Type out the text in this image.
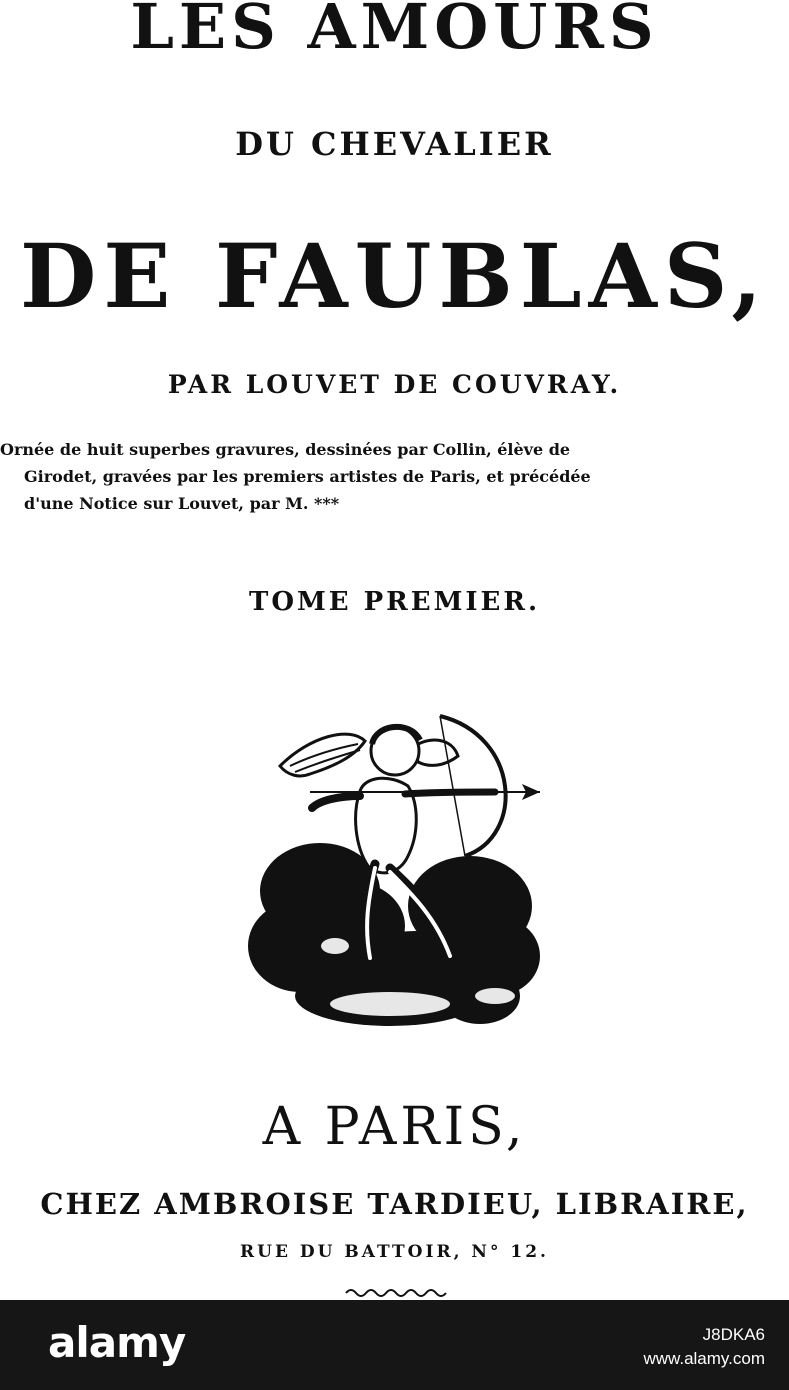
LES AMOURS
DU CHEVALIER
DE FAUBLAS,
PAR LOUVET DE COUVRAY.
Ornée de huit superbes gravures, dessinées par Collin, élève de
Girodet, gravées par les premiers artistes de Paris, et précédée
d'une Notice sur Louvet, par M. ***
TOME PREMIER.
A PARIS,
CHEZ AMBROISE TARDIEU, LIBRAIRE,
RUE DU BATTOIR, N° 12.
alamy	J8DKA6
www.alamy.com
